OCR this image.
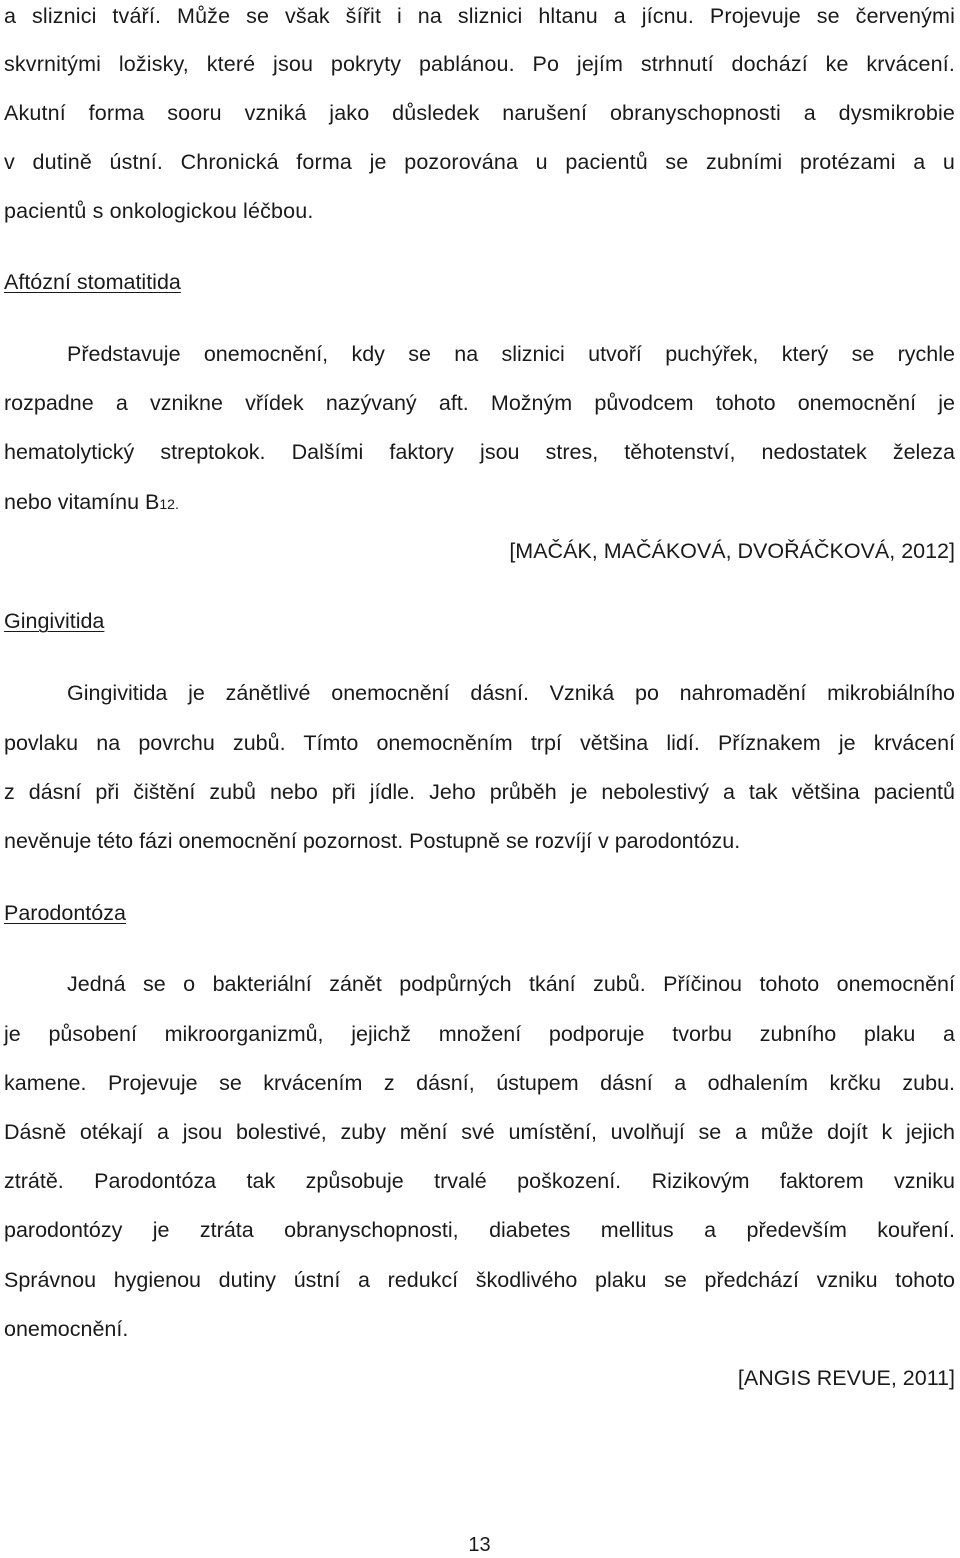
a sliznici tváří. Může se však šířit i na sliznici hltanu a jícnu. Projevuje se červenými
skvrnitými ložisky, které jsou pokryty pablánou. Po jejím strhnutí dochází ke krvácení.
Akutní forma sooru vzniká jako důsledek narušení obranyschopnosti a dysmikrobie
v dutině ústní. Chronická forma je pozorována u pacientů se zubními protézami a u
pacientů s onkologickou léčbou.
Aftózní stomatitida
Představuje onemocnění, kdy se na sliznici utvoří puchýřek, který se rychle
rozpadne a vznikne vřídek nazývaný aft. Možným původcem tohoto onemocnění je
hematolytický streptokok. Dalšími faktory jsou stres, těhotenství, nedostatek železa
nebo vitamínu B12.
[MAČÁK, MAČÁKOVÁ, DVOŘÁČKOVÁ, 2012]
Gingivitida
Gingivitida je zánětlivé onemocnění dásní. Vzniká po nahromadění mikrobiálního
povlaku na povrchu zubů. Tímto onemocněním trpí většina lidí. Příznakem je krvácení
z dásní při čištění zubů nebo při jídle. Jeho průběh je nebolestivý a tak většina pacientů
nevěnuje této fázi onemocnění pozornost. Postupně se rozvíjí v parodontózu.
Parodontóza
Jedná se o bakteriální zánět podpůrných tkání zubů. Příčinou tohoto onemocnění
je působení mikroorganizmů, jejichž množení podporuje tvorbu zubního plaku a
kamene. Projevuje se krvácením z dásní, ústupem dásní a odhalením krčku zubu.
Dásně otékají a jsou bolestivé, zuby mění své umístění, uvolňují se a může dojít k jejich
ztrátě. Parodontóza tak způsobuje trvalé poškození. Rizikovým faktorem vzniku
parodontózy je ztráta obranyschopnosti, diabetes mellitus a především kouření.
Správnou hygienou dutiny ústní a redukcí škodlivého plaku se předchází vzniku tohoto
onemocnění.
[ANGIS REVUE, 2011]
13
